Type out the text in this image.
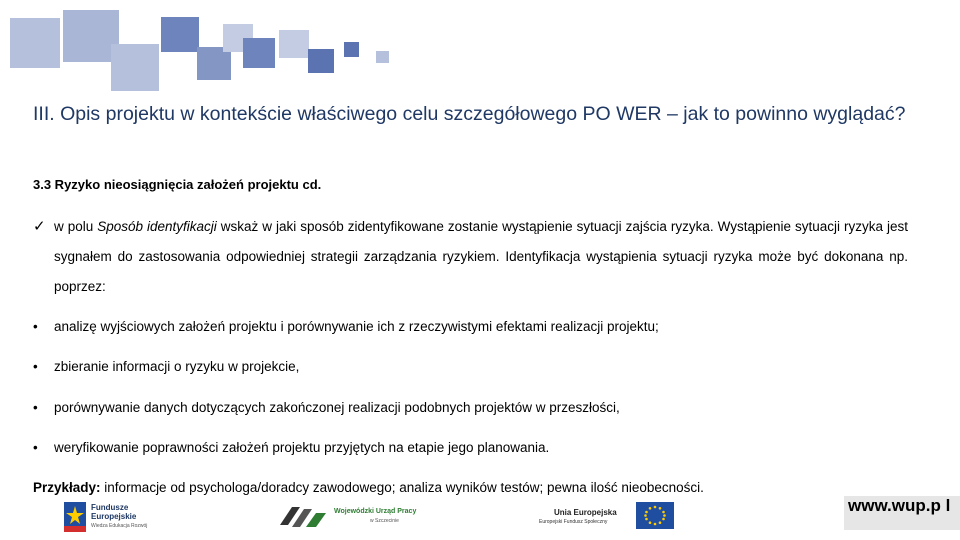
III. Opis projektu w kontekście właściwego celu szczegółowego PO WER – jak to powinno wyglądać?
3.3 Ryzyko nieosiągnięcia założeń projektu cd.
✓ w polu Sposób identyfikacji wskaż w jaki sposób zidentyfikowane zostanie wystąpienie sytuacji zajścia ryzyka. Wystąpienie sytuacji ryzyka jest sygnałem do zastosowania odpowiedniej strategii zarządzania ryzykiem. Identyfikacja wystąpienia sytuacji ryzyka może być dokonana np. poprzez:
• analizę wyjściowych założeń projektu i porównywanie ich z rzeczywistymi efektami realizacji projektu;
• zbieranie informacji o ryzyku w projekcie,
• porównywanie danych dotyczących zakończonej realizacji podobnych projektów w przeszłości,
• weryfikowanie poprawności założeń projektu przyjętych na etapie jego planowania.
Przykłady: informacje od psychologa/doradcy zawodowego; analiza wyników testów; pewna ilość nieobecności.
Fundusze
Europejskie
Wiedza Edukacja Rozwój
Wojewódzki Urząd Pracy
w Szczecinie
Unia Europejska
Europejski Fundusz Społeczny
www.wup.p l
